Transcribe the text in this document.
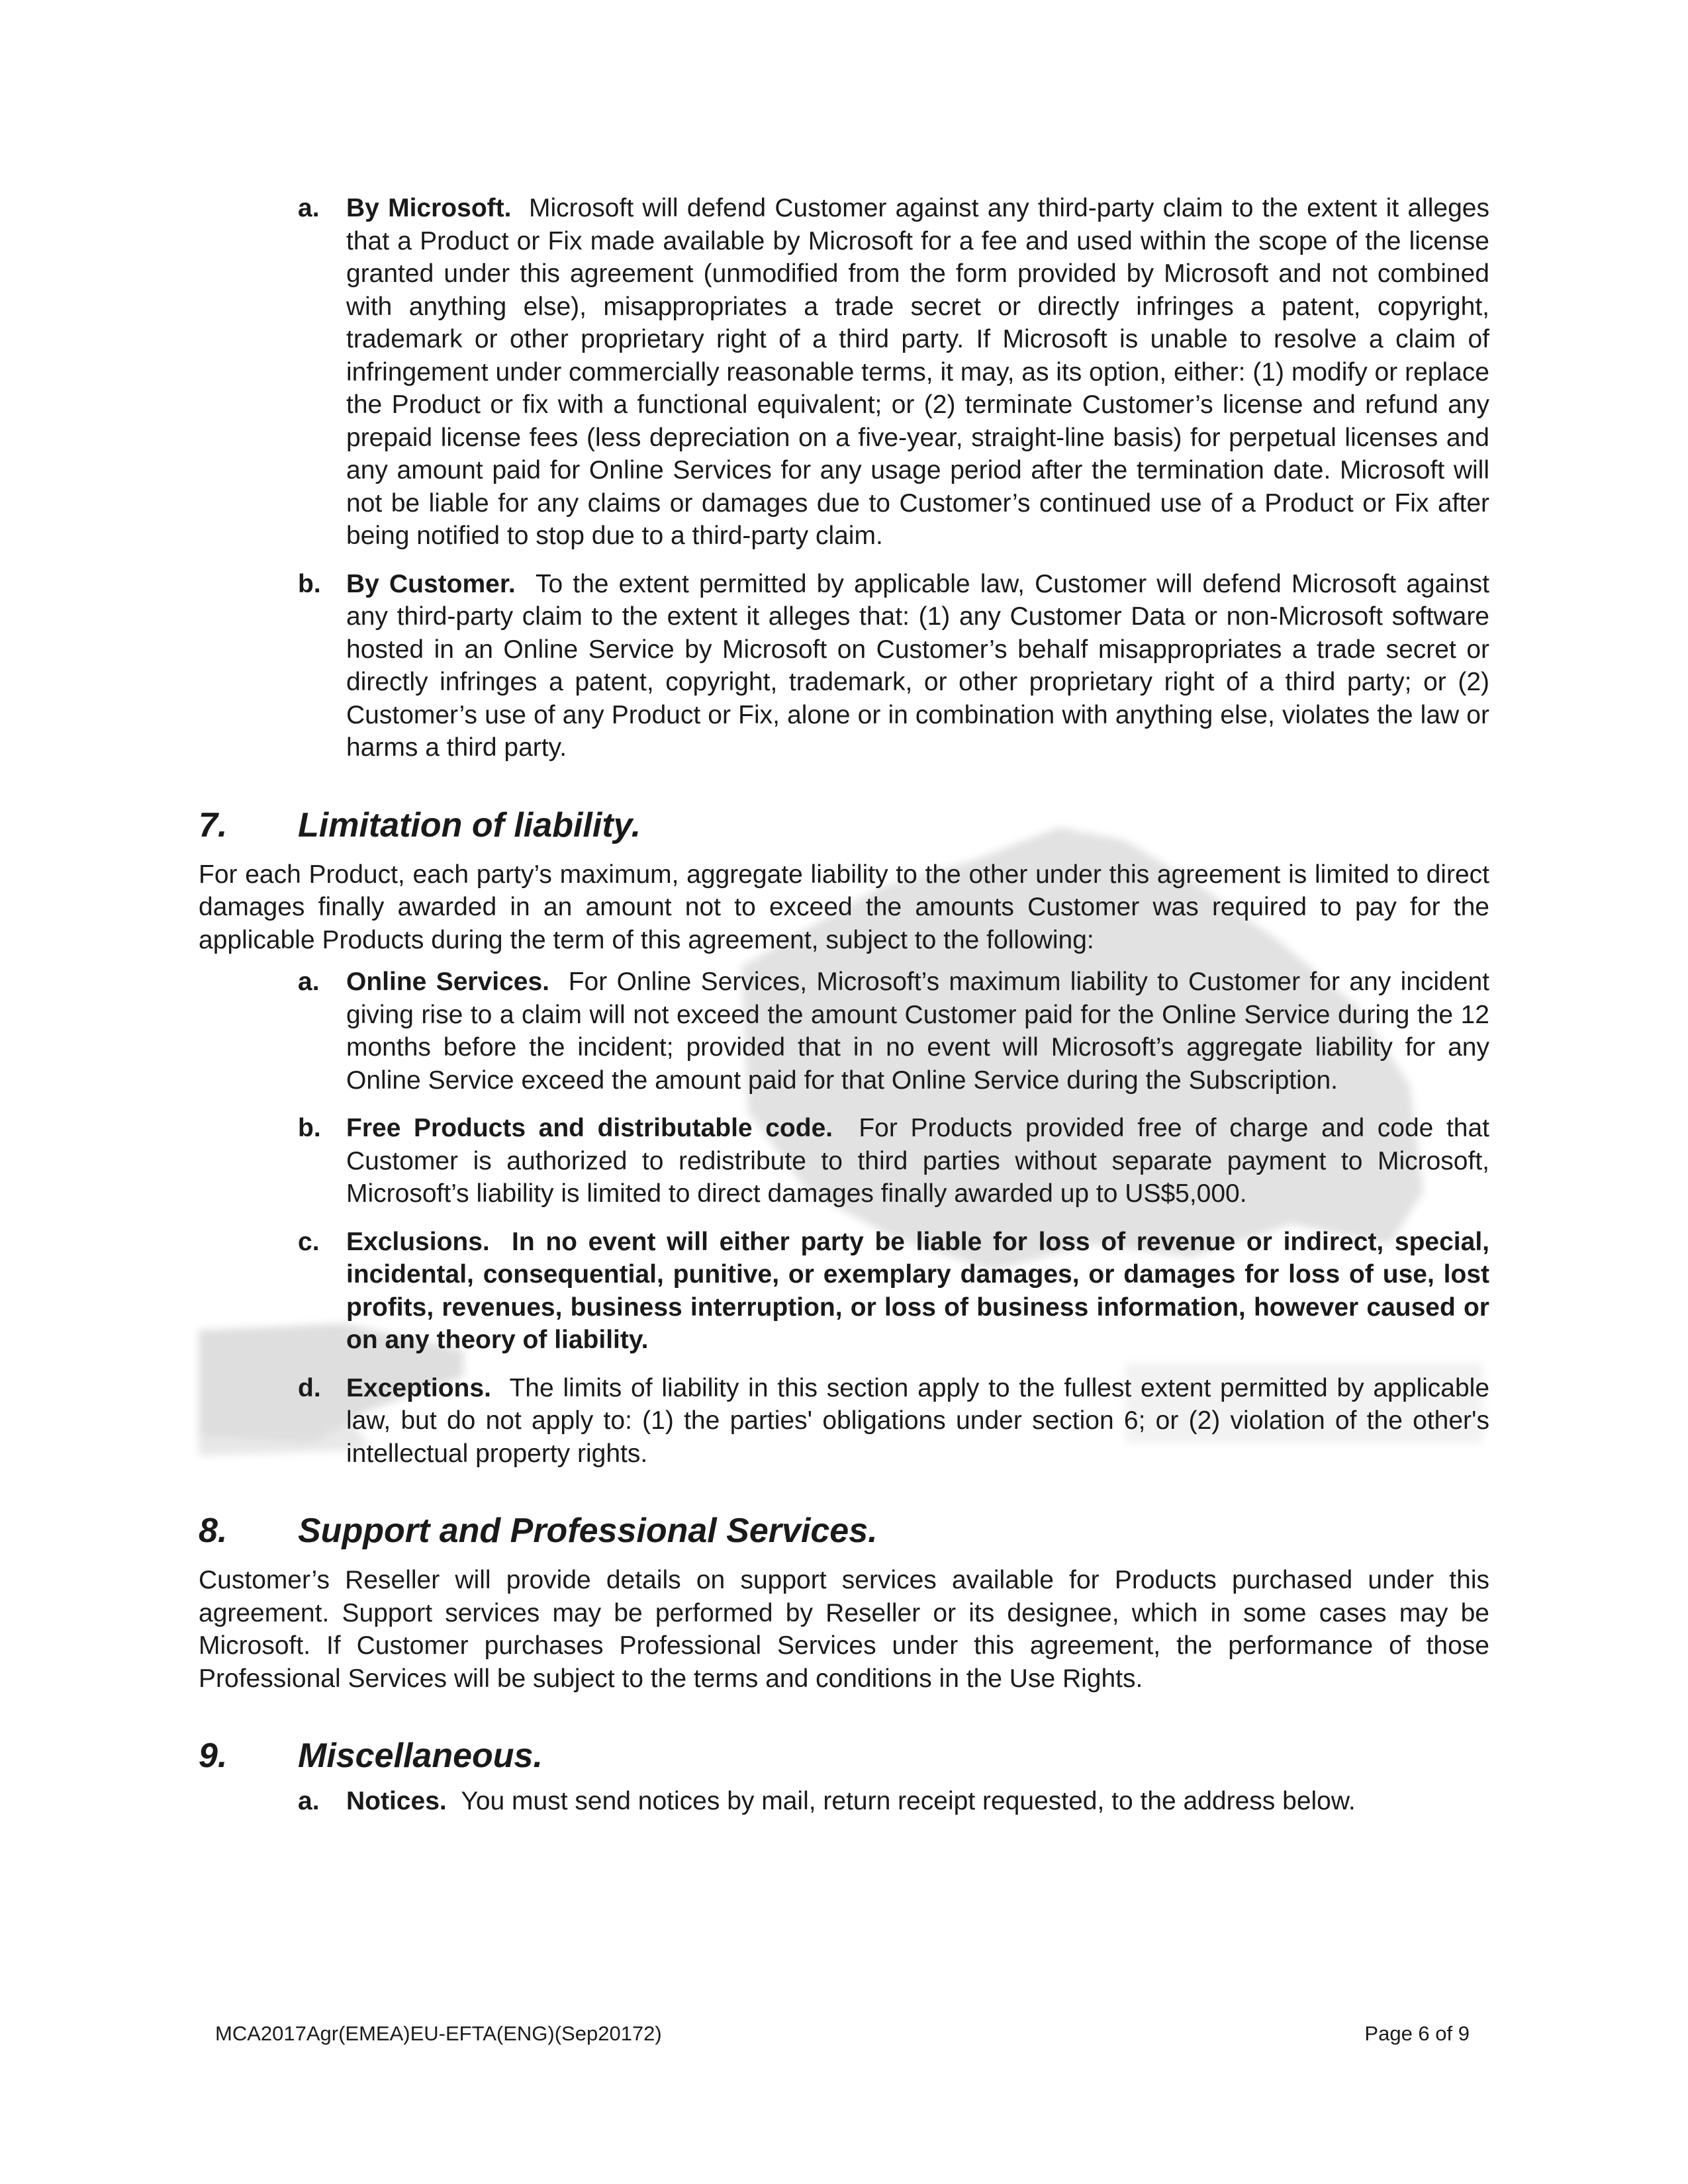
a.	By Microsoft. Microsoft will defend Customer against any third-party claim to the extent it alleges that a Product or Fix made available by Microsoft for a fee and used within the scope of the license granted under this agreement (unmodified from the form provided by Microsoft and not combined with anything else), misappropriates a trade secret or directly infringes a patent, copyright, trademark or other proprietary right of a third party. If Microsoft is unable to resolve a claim of infringement under commercially reasonable terms, it may, as its option, either: (1) modify or replace the Product or fix with a functional equivalent; or (2) terminate Customer’s license and refund any prepaid license fees (less depreciation on a five-year, straight-line basis) for perpetual licenses and any amount paid for Online Services for any usage period after the termination date. Microsoft will not be liable for any claims or damages due to Customer’s continued use of a Product or Fix after being notified to stop due to a third-party claim.
b. By Customer. To the extent permitted by applicable law, Customer will defend Microsoft against any third-party claim to the extent it alleges that: (1) any Customer Data or non-Microsoft software hosted in an Online Service by Microsoft on Customer’s behalf misappropriates a trade secret or directly infringes a patent, copyright, trademark, or other proprietary right of a third party; or (2) Customer’s use of any Product or Fix, alone or in combination with anything else, violates the law or harms a third party.
7.	Limitation of liability.
For each Product, each party’s maximum, aggregate liability to the other under this agreement is limited to direct damages finally awarded in an amount not to exceed the amounts Customer was required to pay for the applicable Products during the term of this agreement, subject to the following:
a.	Online Services. For Online Services, Microsoft’s maximum liability to Customer for any incident giving rise to a claim will not exceed the amount Customer paid for the Online Service during the 12 months before the incident; provided that in no event will Microsoft’s aggregate liability for any Online Service exceed the amount paid for that Online Service during the Subscription.
b. Free Products and distributable code. For Products provided free of charge and code that Customer is authorized to redistribute to third parties without separate payment to Microsoft, Microsoft’s liability is limited to direct damages finally awarded up to US$5,000.
c.	Exclusions. In no event will either party be liable for loss of revenue or indirect, special, incidental, consequential, punitive, or exemplary damages, or damages for loss of use, lost profits, revenues, business interruption, or loss of business information, however caused or on any theory of liability.
d. Exceptions. The limits of liability in this section apply to the fullest extent permitted by applicable law, but do not apply to: (1) the parties' obligations under section 6; or (2) violation of the other's intellectual property rights.
8.	Support and Professional Services.
Customer’s Reseller will provide details on support services available for Products purchased under this agreement. Support services may be performed by Reseller or its designee, which in some cases may be Microsoft. If Customer purchases Professional Services under this agreement, the performance of those Professional Services will be subject to the terms and conditions in the Use Rights.
9.	Miscellaneous.
a.	Notices. You must send notices by mail, return receipt requested, to the address below.
MCA2017Agr(EMEA)EU-EFTA(ENG)(Sep20172)	Page 6 of 9
